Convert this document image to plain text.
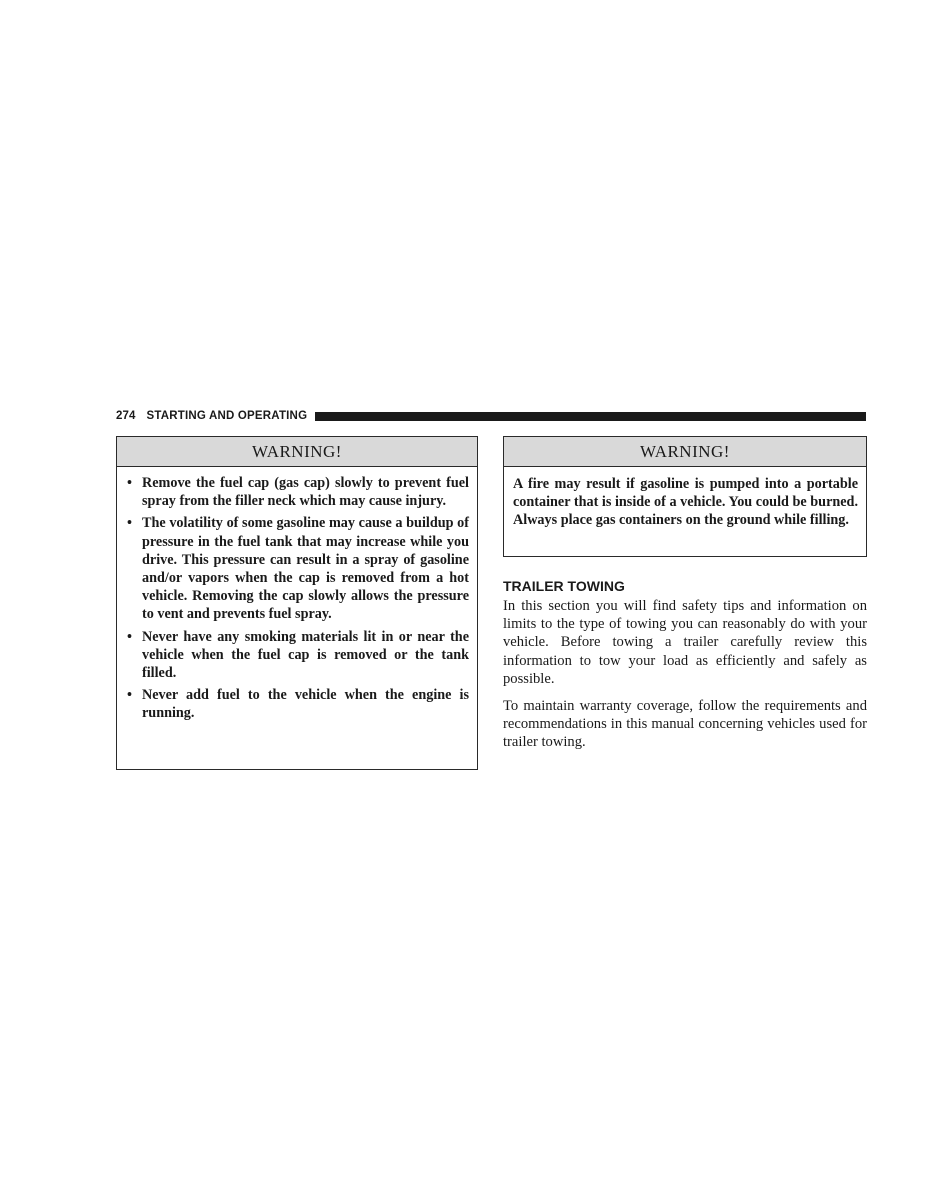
274 STARTING AND OPERATING
WARNING!
• Remove the fuel cap (gas cap) slowly to prevent fuel spray from the filler neck which may cause injury.
• The volatility of some gasoline may cause a buildup of pressure in the fuel tank that may increase while you drive. This pressure can result in a spray of gasoline and/or vapors when the cap is removed from a hot vehicle. Removing the cap slowly allows the pressure to vent and prevents fuel spray.
• Never have any smoking materials lit in or near the vehicle when the fuel cap is removed or the tank filled.
• Never add fuel to the vehicle when the engine is running.
WARNING!

A fire may result if gasoline is pumped into a portable container that is inside of a vehicle. You could be burned. Always place gas containers on the ground while filling.

TRAILER TOWING

In this section you will find safety tips and information on limits to the type of towing you can reasonably do with your vehicle. Before towing a trailer carefully review this information to tow your load as efficiently and safely as possible.

To maintain warranty coverage, follow the requirements and recommendations in this manual concerning vehicles used for trailer towing.
